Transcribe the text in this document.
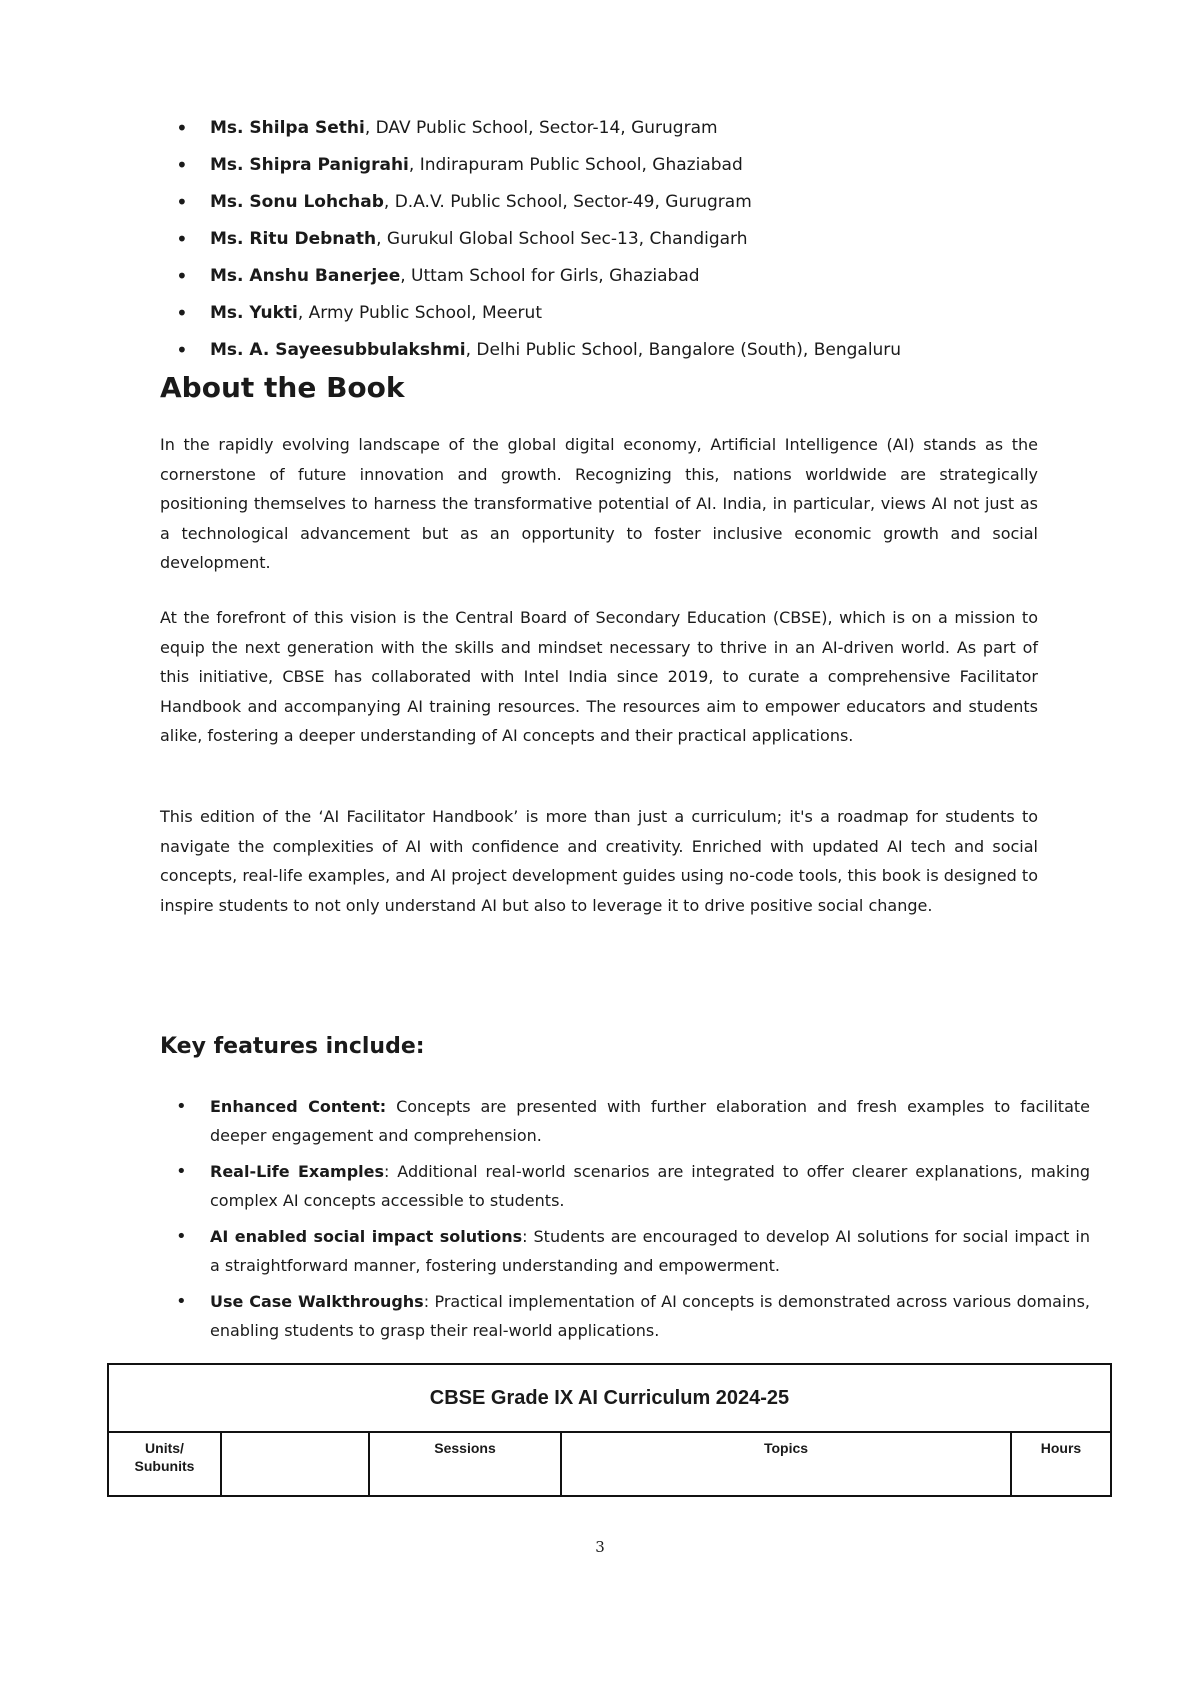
• Ms. Shilpa Sethi, DAV Public School, Sector-14, Gurugram
• Ms. Shipra Panigrahi, Indirapuram Public School, Ghaziabad
• Ms. Sonu Lohchab, D.A.V. Public School, Sector-49, Gurugram
• Ms. Ritu Debnath, Gurukul Global School Sec-13, Chandigarh
• Ms. Anshu Banerjee, Uttam School for Girls, Ghaziabad
• Ms. Yukti, Army Public School, Meerut
• Ms. A. Sayeesubbulakshmi, Delhi Public School, Bangalore (South), Bengaluru
About the Book

In the rapidly evolving landscape of the global digital economy, Artificial Intelligence (AI) stands as the cornerstone of future innovation and growth. Recognizing this, nations worldwide are strategically positioning themselves to harness the transformative potential of AI. India, in particular, views AI not just as a technological advancement but as an opportunity to foster inclusive economic growth and social development.

At the forefront of this vision is the Central Board of Secondary Education (CBSE), which is on a mission to equip the next generation with the skills and mindset necessary to thrive in an AI-driven world. As part of this initiative, CBSE has collaborated with Intel India since 2019, to curate a comprehensive Facilitator Handbook and accompanying AI training resources. The resources aim to empower educators and students alike, fostering a deeper understanding of AI concepts and their practical applications.

This edition of the ‘AI Facilitator Handbook’ is more than just a curriculum; it's a roadmap for students to navigate the complexities of AI with confidence and creativity. Enriched with updated AI tech and social concepts, real-life examples, and AI project development guides using no-code tools, this book is designed to inspire students to not only understand AI but also to leverage it to drive positive social change.

Key features include:
• Enhanced Content: Concepts are presented with further elaboration and fresh examples to facilitate deeper engagement and comprehension.
• Real-Life Examples: Additional real-world scenarios are integrated to offer clearer explanations, making complex AI concepts accessible to students.
• AI enabled social impact solutions: Students are encouraged to develop AI solutions for social impact in a straightforward manner, fostering understanding and empowerment.
• Use Case Walkthroughs: Practical implementation of AI concepts is demonstrated across various domains, enabling students to grasp their real-world applications.
CBSE Grade IX AI Curriculum 2024-25
Units/
Subunits		Sessions	Topics	Hours
3
